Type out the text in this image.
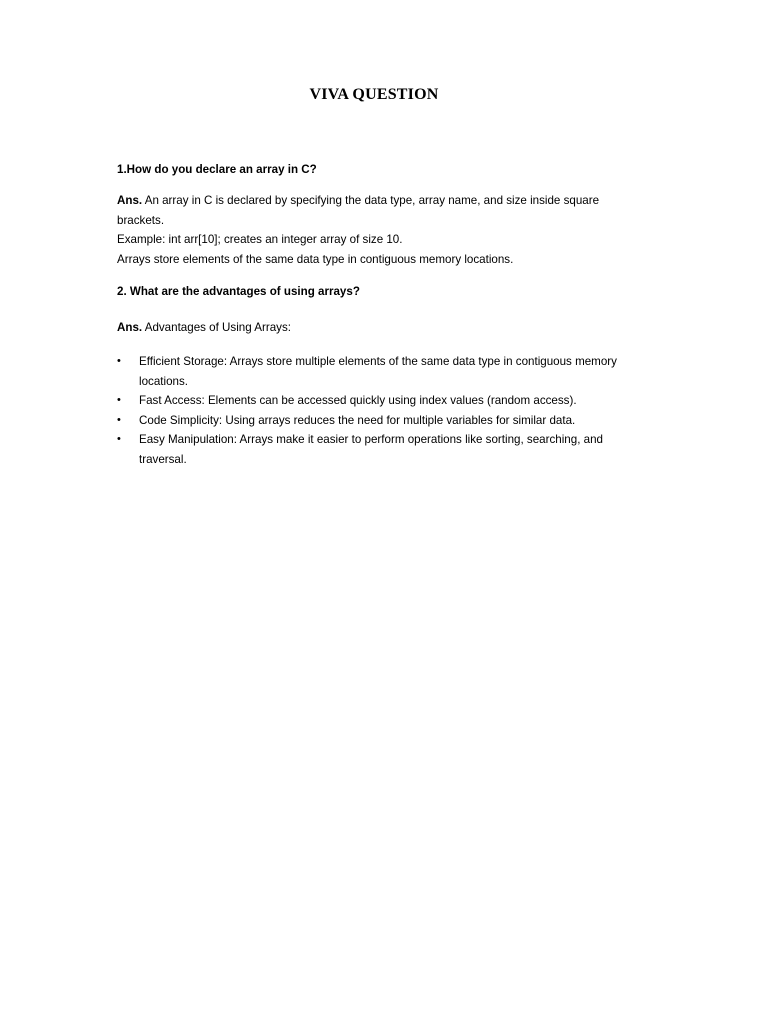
VIVA QUESTION
1.How do you declare an array in C?
Ans. An array in C is declared by specifying the data type, array name, and size inside square
brackets.
Example: int arr[10]; creates an integer array of size 10.
Arrays store elements of the same data type in contiguous memory locations.
2. What are the advantages of using arrays?
Ans. Advantages of Using Arrays:
• Efficient Storage: Arrays store multiple elements of the same data type in contiguous memory
locations.
• Fast Access: Elements can be accessed quickly using index values (random access).
• Code Simplicity: Using arrays reduces the need for multiple variables for similar data.
• Easy Manipulation: Arrays make it easier to perform operations like sorting, searching, and
traversal.
